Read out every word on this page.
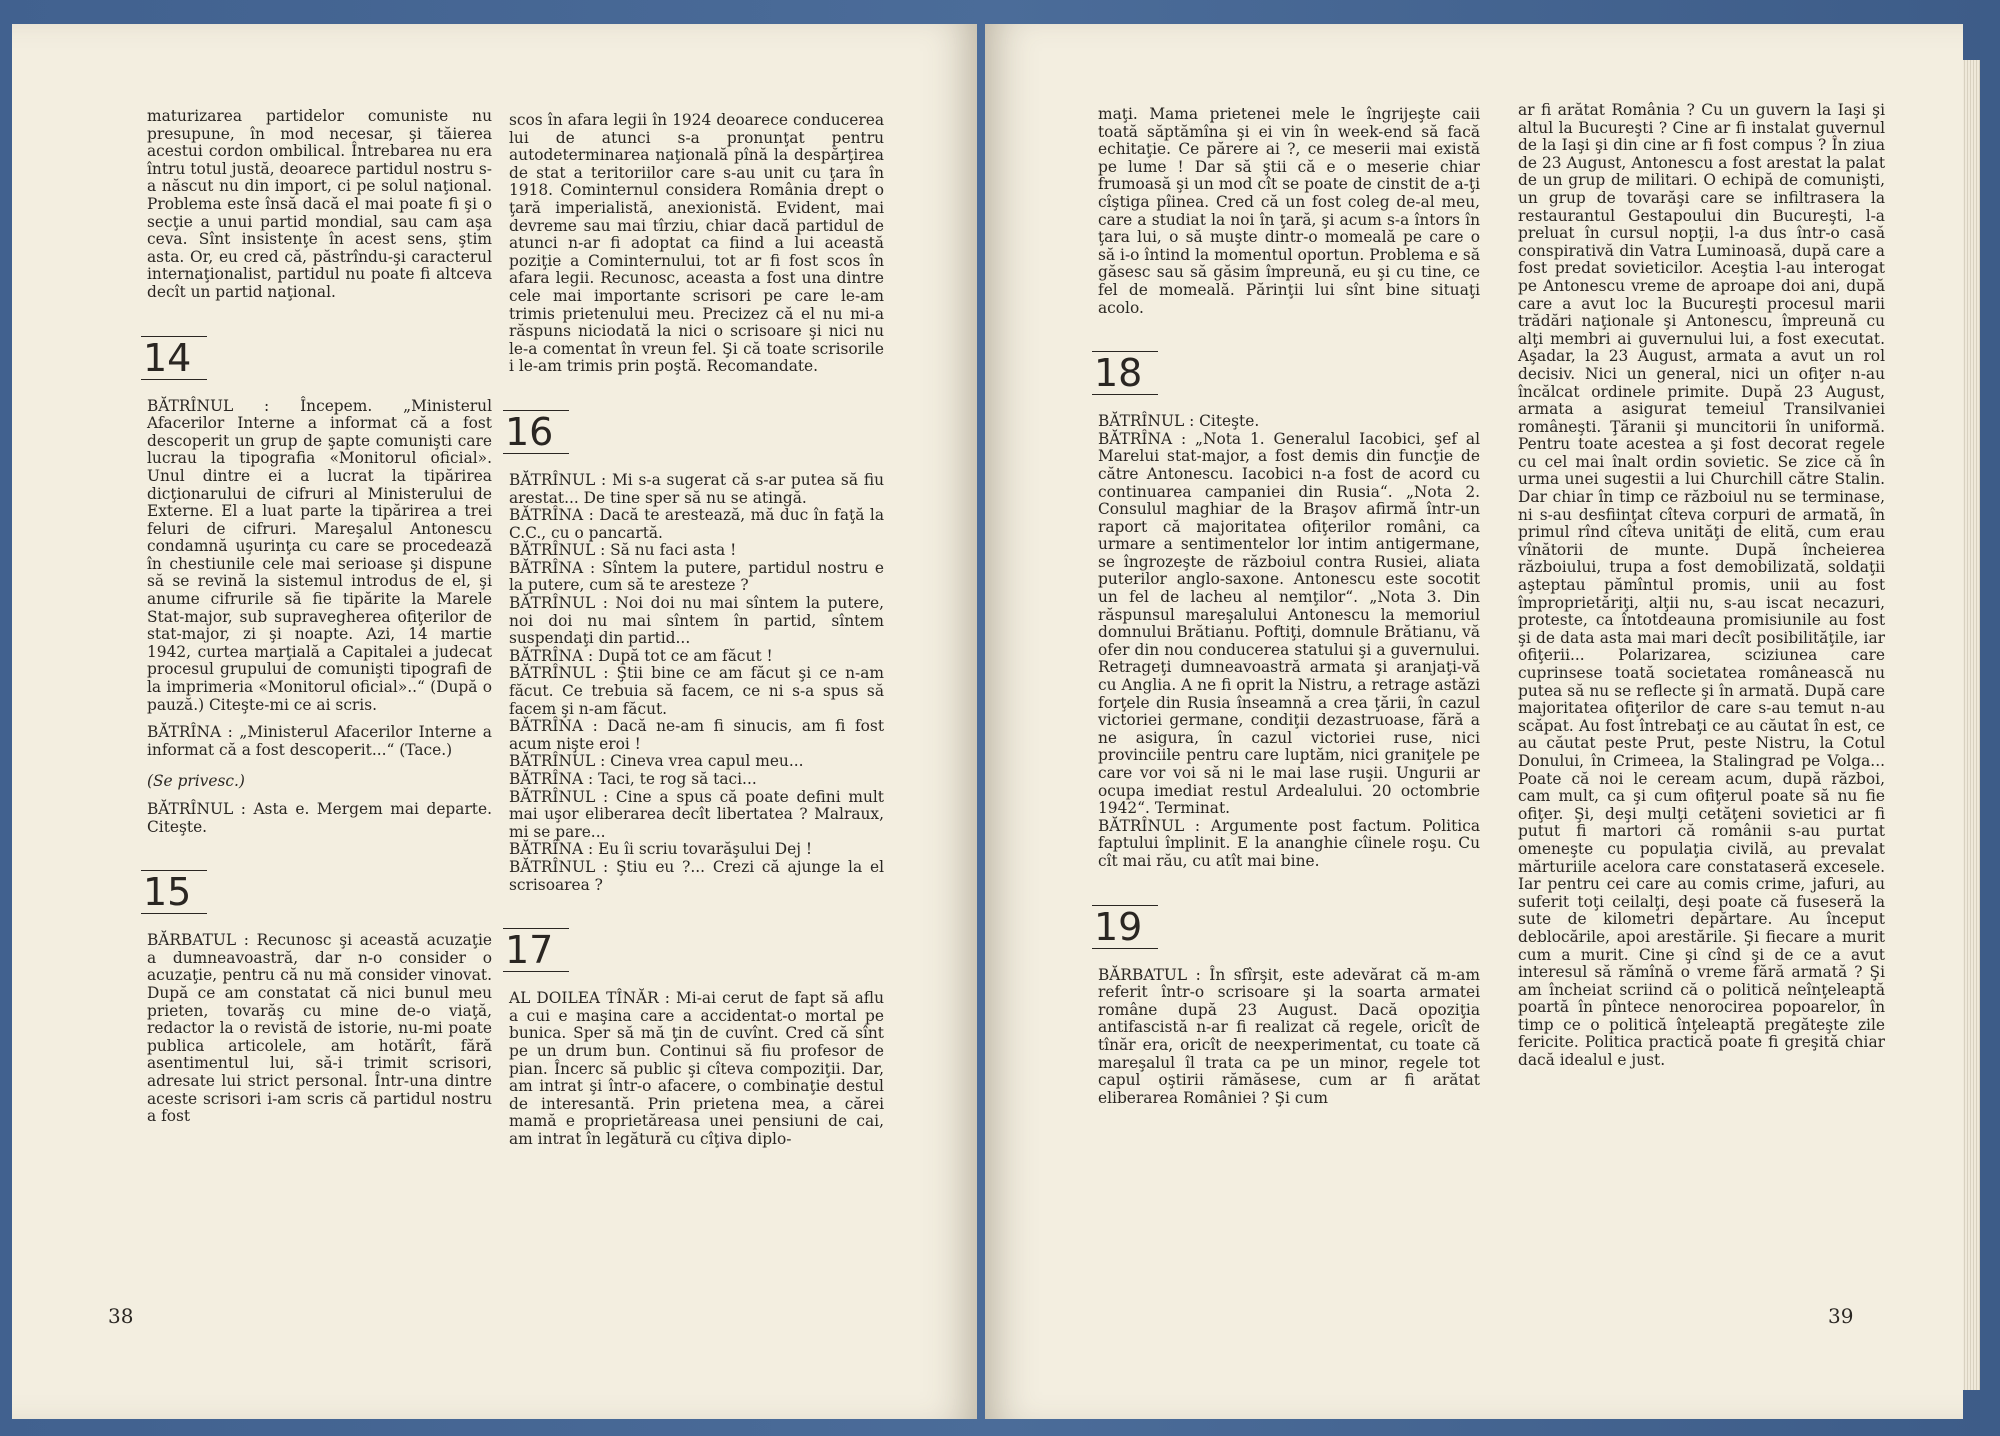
maturizarea partidelor comuniste nu presupune, în mod necesar, şi tăierea acestui cordon ombilical. Întrebarea nu era întru totul justă, deoarece partidul nostru s-a născut nu din import, ci pe solul naţional. Problema este însă dacă el mai poate fi şi o secţie a unui partid mondial, sau cam aşa ceva. Sînt insistenţe în acest sens, ştim asta. Or, eu cred că, păstrîndu-şi caracterul internaţionalist, partidul nu poate fi altceva decît un partid naţional.

14

BĂTRÎNUL : Începem. „Ministerul Afacerilor Interne a informat că a fost descoperit un grup de şapte comunişti care lucrau la tipografia «Monitorul oficial». Unul dintre ei a lucrat la tipărirea dicţionarului de cifruri al Ministerului de Externe. El a luat parte la tipărirea a trei feluri de cifruri. Mareşalul Antonescu condamnă uşurinţa cu care se procedează în chestiunile cele mai serioase şi dispune să se revină la sistemul introdus de el, şi anume cifrurile să fie tipărite la Marele Stat-major, sub supravegherea ofiţerilor de stat-major, zi şi noapte. Azi, 14 martie 1942, curtea marţială a Capitalei a judecat procesul grupului de comunişti tipografi de la imprimeria «Monitorul oficial»..“ (După o pauză.) Citeşte-mi ce ai scris.

BĂTRÎNA : „Ministerul Afacerilor Interne a informat că a fost descoperit...“ (Tace.)

(Se privesc.)

BĂTRÎNUL : Asta e. Mergem mai departe. Citeşte.

15

BĂRBATUL : Recunosc şi această acuzaţie a dumneavoastră, dar n-o consider o acuzaţie, pentru că nu mă consider vinovat. După ce am constatat că nici bunul meu prieten, tovarăş cu mine de-o viaţă, redactor la o revistă de istorie, nu-mi poate publica articolele, am hotărît, fără asentimentul lui, să-i trimit scrisori, adresate lui strict personal. Într-una dintre aceste scrisori i-am scris că partidul nostru a fost

scos în afara legii în 1924 deoarece conducerea lui de atunci s-a pronunţat pentru autodeterminarea naţională pînă la despărţirea de stat a teritoriilor care s-au unit cu ţara în 1918. Cominternul considera România drept o ţară imperialistă, anexionistă. Evident, mai devreme sau mai tîrziu, chiar dacă partidul de atunci n-ar fi adoptat ca fiind a lui această poziţie a Cominternului, tot ar fi fost scos în afara legii. Recunosc, aceasta a fost una dintre cele mai importante scrisori pe care le-am trimis prietenului meu. Precizez că el nu mi-a răspuns niciodată la nici o scrisoare şi nici nu le-a comentat în vreun fel. Şi că toate scrisorile i le-am trimis prin poştă. Recomandate.

16

BĂTRÎNUL : Mi s-a sugerat că s-ar putea să fiu arestat... De tine sper să nu se atingă.

BĂTRÎNA : Dacă te arestează, mă duc în faţă la C.C., cu o pancartă.

BĂTRÎNUL : Să nu faci asta !

BĂTRÎNA : Sîntem la putere, partidul nostru e la putere, cum să te aresteze ?

BĂTRÎNUL : Noi doi nu mai sîntem la putere, noi doi nu mai sîntem în partid, sîntem suspendaţi din partid...

BĂTRÎNA : După tot ce am făcut !

BĂTRÎNUL : Ştii bine ce am făcut şi ce n-am făcut. Ce trebuia să facem, ce ni s-a spus să facem şi n-am făcut.

BĂTRÎNA : Dacă ne-am fi sinucis, am fi fost acum nişte eroi !

BĂTRÎNUL : Cineva vrea capul meu...

BĂTRÎNA : Taci, te rog să taci...

BĂTRÎNUL : Cine a spus că poate defini mult mai uşor eliberarea decît libertatea ? Malraux, mi se pare...

BĂTRÎNA : Eu îi scriu tovarăşului Dej !

BĂTRÎNUL : Ştiu eu ?... Crezi că ajunge la el scrisoarea ?

17

AL DOILEA TÎNĂR : Mi-ai cerut de fapt să aflu a cui e maşina care a accidentat-o mortal pe bunica. Sper să mă ţin de cuvînt. Cred că sînt pe un drum bun. Continui să fiu profesor de pian. Încerc să public şi cîteva compoziţii. Dar, am intrat şi într-o afacere, o combinaţie destul de interesantă. Prin prietena mea, a cărei mamă e proprietăreasa unei pensiuni de cai, am intrat în legătură cu cîţiva diplo-

38

maţi. Mama prietenei mele le îngrijeşte caii toată săptămîna şi ei vin în week-end să facă echitaţie. Ce părere ai ?, ce meserii mai există pe lume ! Dar să ştii că e o meserie chiar frumoasă şi un mod cît se poate de cinstit de a-ţi cîştiga pîinea. Cred că un fost coleg de-al meu, care a studiat la noi în ţară, şi acum s-a întors în ţara lui, o să muşte dintr-o momeală pe care o să i-o întind la momentul oportun. Problema e să găsesc sau să găsim împreună, eu şi cu tine, ce fel de momeală. Părinţii lui sînt bine situaţi acolo.

18

BĂTRÎNUL : Citeşte.

BĂTRÎNA : „Nota 1. Generalul Iacobici, şef al Marelui stat-major, a fost demis din funcţie de către Antonescu. Iacobici n-a fost de acord cu continuarea campaniei din Rusia“. „Nota 2. Consulul maghiar de la Braşov afirmă într-un raport că majoritatea ofiţerilor români, ca urmare a sentimentelor lor intim antigermane, se îngrozeşte de războiul contra Rusiei, aliata puterilor anglo-saxone. Antonescu este socotit un fel de lacheu al nemţilor“. „Nota 3. Din răspunsul mareşalului Antonescu la memoriul domnului Brătianu. Poftiţi, domnule Brătianu, vă ofer din nou conducerea statului şi a guvernului. Retrageţi dumneavoastră armata şi aranjaţi-vă cu Anglia. A ne fi oprit la Nistru, a retrage astăzi forţele din Rusia înseamnă a crea ţării, în cazul victoriei germane, condiţii dezastruoase, fără a ne asigura, în cazul victoriei ruse, nici provinciile pentru care luptăm, nici graniţele pe care vor voi să ni le mai lase ruşii. Ungurii ar ocupa imediat restul Ardealului. 20 octombrie 1942“. Terminat.

BĂTRÎNUL : Argumente post factum. Politica faptului împlinit. E la ananghie cîinele roşu. Cu cît mai rău, cu atît mai bine.

19

BĂRBATUL : În sfîrşit, este adevărat că m-am referit într-o scrisoare şi la soarta armatei române după 23 August. Dacă opoziţia antifascistă n-ar fi realizat că regele, oricît de tînăr era, oricît de neexperimentat, cu toate că mareşalul îl trata ca pe un minor, regele tot capul oştirii rămăsese, cum ar fi arătat eliberarea României ? Şi cum

ar fi arătat România ? Cu un guvern la Iaşi şi altul la Bucureşti ? Cine ar fi instalat guvernul de la Iaşi şi din cine ar fi fost compus ? În ziua de 23 August, Antonescu a fost arestat la palat de un grup de militari. O echipă de comunişti, un grup de tovarăşi care se infiltrasera la restaurantul Gestapoului din Bucureşti, l-a preluat în cursul nopţii, l-a dus într-o casă conspirativă din Vatra Luminoasă, după care a fost predat sovieticilor. Aceştia l-au interogat pe Antonescu vreme de aproape doi ani, după care a avut loc la Bucureşti procesul marii trădări naţionale şi Antonescu, împreună cu alţi membri ai guvernului lui, a fost executat. Aşadar, la 23 August, armata a avut un rol decisiv. Nici un general, nici un ofiţer n-au încălcat ordinele primite. După 23 August, armata a asigurat temeiul Transilvaniei româneşti. Ţăranii şi muncitorii în uniformă. Pentru toate acestea a şi fost decorat regele cu cel mai înalt ordin sovietic. Se zice că în urma unei sugestii a lui Churchill către Stalin. Dar chiar în timp ce războiul nu se terminase, ni s-au desfiinţat cîteva corpuri de armată, în primul rînd cîteva unităţi de elită, cum erau vînătorii de munte. După încheierea războiului, trupa a fost demobilizată, soldaţii aşteptau pămîntul promis, unii au fost împroprietăriţi, alţii nu, s-au iscat necazuri, proteste, ca întotdeauna promisiunile au fost şi de data asta mai mari decît posibilităţile, iar ofiţerii... Polarizarea, sciziunea care cuprinsese toată societatea românească nu putea să nu se reflecte şi în armată. După care majoritatea ofiţerilor de care s-au temut n-au scăpat. Au fost întrebaţi ce au căutat în est, ce au căutat peste Prut, peste Nistru, la Cotul Donului, în Crimeea, la Stalingrad pe Volga... Poate că noi le ceream acum, după război, cam mult, ca şi cum ofiţerul poate să nu fie ofiţer. Şi, deşi mulţi cetăţeni sovietici ar fi putut fi martori că românii s-au purtat omeneşte cu populaţia civilă, au prevalat mărturiile acelora care constataseră excesele. Iar pentru cei care au comis crime, jafuri, au suferit toţi ceilalţi, deşi poate că fuseseră la sute de kilometri depărtare. Au început deblocările, apoi arestările. Şi fiecare a murit cum a murit. Cine şi cînd şi de ce a avut interesul să rămînă o vreme fără armată ? Şi am încheiat scriind că o politică neînţeleaptă poartă în pîntece nenorocirea popoarelor, în timp ce o politică înţeleaptă pregăteşte zile fericite. Politica practică poate fi greşită chiar dacă idealul e just.

39
